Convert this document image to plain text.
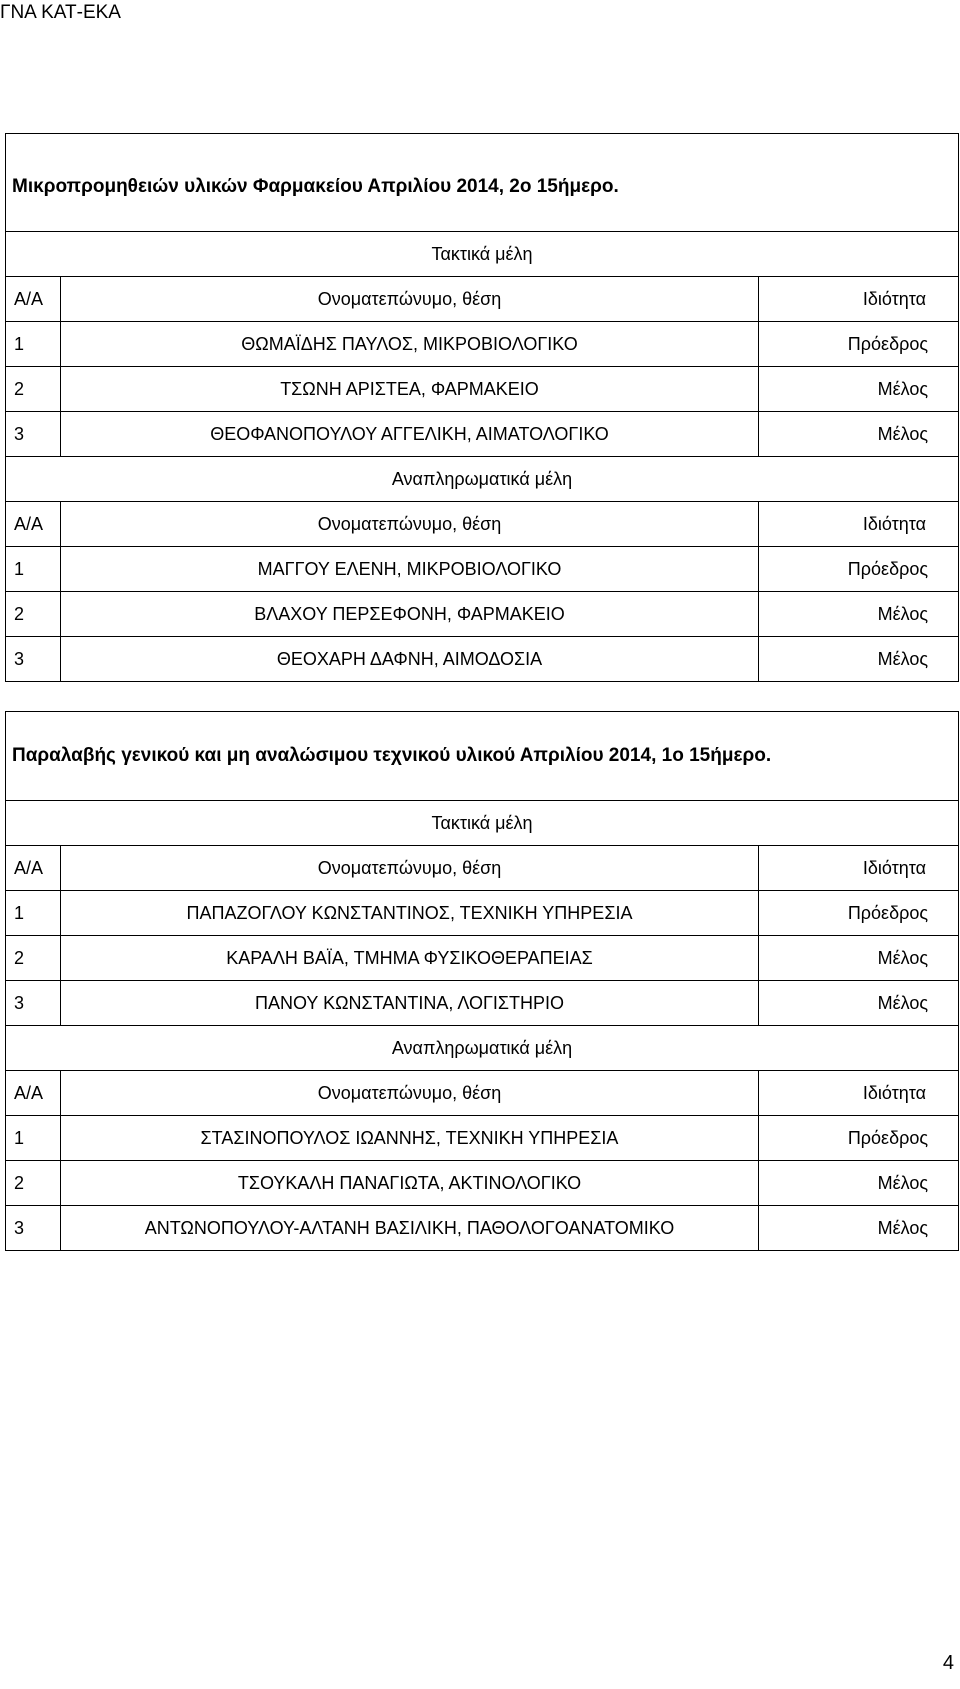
ΓΝΑ ΚΑΤ-ΕΚΑ
Μικροπρομηθειών υλικών Φαρμακείου Απριλίου 2014, 2ο 15ήμερο.		
Τακτικά μέλη		
Α/Α	Ονοματεπώνυμο, θέση	Ιδιότητα
1	ΘΩΜΑΪΔΗΣ ΠΑΥΛΟΣ, ΜΙΚΡΟΒΙΟΛΟΓΙΚΟ	Πρόεδρος
2	ΤΣΩΝΗ ΑΡΙΣΤΕΑ, ΦΑΡΜΑΚΕΙΟ	Μέλος
3	ΘΕΟΦΑΝΟΠΟΥΛΟΥ ΑΓΓΕΛΙΚΗ, ΑΙΜΑΤΟΛΟΓΙΚΟ	Μέλος
Αναπληρωματικά μέλη		
Α/Α	Ονοματεπώνυμο, θέση	Ιδιότητα
1	ΜΑΓΓΟΥ ΕΛΕΝΗ, ΜΙΚΡΟΒΙΟΛΟΓΙΚΟ	Πρόεδρος
2	ΒΛΑΧΟΥ ΠΕΡΣΕΦΟΝΗ, ΦΑΡΜΑΚΕΙΟ	Μέλος
3	ΘΕΟΧΑΡΗ ΔΑΦΝΗ, ΑΙΜΟΔΟΣΙΑ	Μέλος
Παραλαβής γενικού και μη αναλώσιμου τεχνικού υλικού Απριλίου 2014, 1ο 15ήμερο.		
Τακτικά μέλη		
Α/Α	Ονοματεπώνυμο, θέση	Ιδιότητα
1	ΠΑΠΑΖΟΓΛΟΥ ΚΩΝΣΤΑΝΤΙΝΟΣ, ΤΕΧΝΙΚΗ ΥΠΗΡΕΣΙΑ	Πρόεδρος
2	ΚΑΡΑΛΗ ΒΑΪΑ, ΤΜΗΜΑ ΦΥΣΙΚΟΘΕΡΑΠΕΙΑΣ	Μέλος
3	ΠΑΝΟΥ ΚΩΝΣΤΑΝΤΙΝΑ, ΛΟΓΙΣΤΗΡΙΟ	Μέλος
Αναπληρωματικά μέλη		
Α/Α	Ονοματεπώνυμο, θέση	Ιδιότητα
1	ΣΤΑΣΙΝΟΠΟΥΛΟΣ ΙΩΑΝΝΗΣ, ΤΕΧΝΙΚΗ ΥΠΗΡΕΣΙΑ	Πρόεδρος
2	ΤΣΟΥΚΑΛΗ ΠΑΝΑΓΙΩΤΑ, ΑΚΤΙΝΟΛΟΓΙΚΟ	Μέλος
3	ΑΝΤΩΝΟΠΟΥΛΟΥ-ΑΛΤΑΝΗ ΒΑΣΙΛΙΚΗ, ΠΑΘΟΛΟΓΟΑΝΑΤΟΜΙΚΟ	Μέλος
4
